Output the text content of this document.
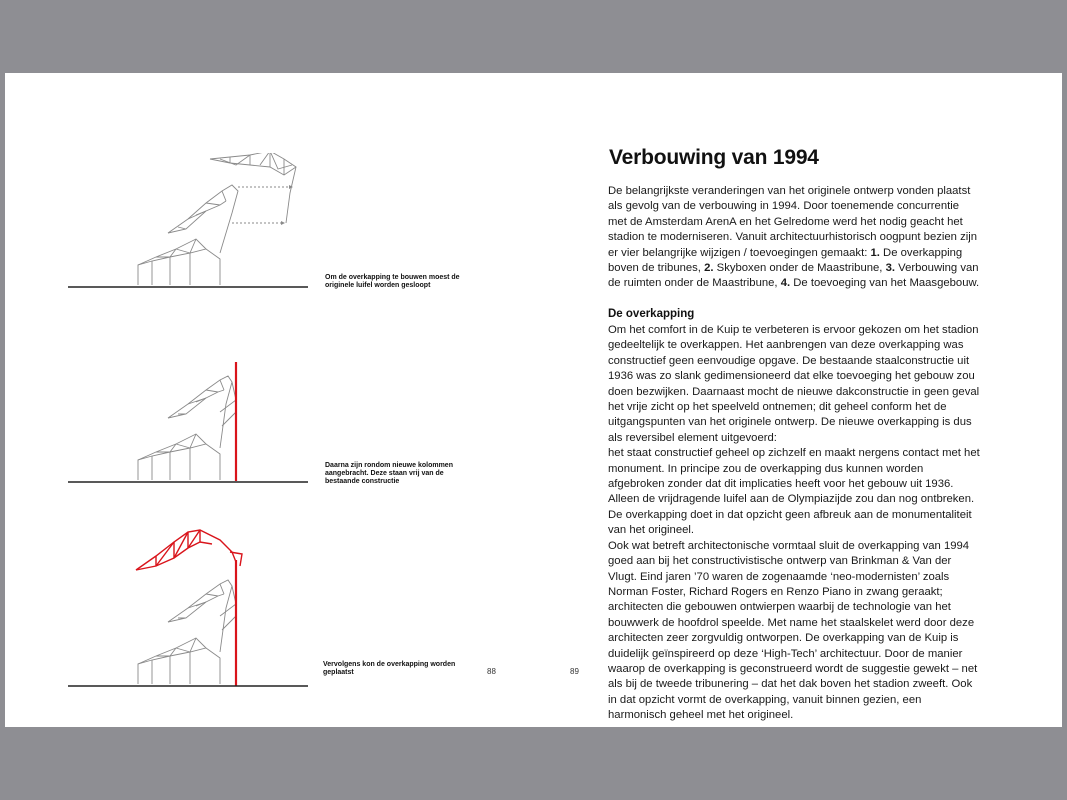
Om de overkapping te bouwen moest de originele luifel worden gesloopt
Daarna zijn rondom nieuwe kolommen aangebracht. Deze staan vrij van de bestaande constructie
Vervolgens kon de overkapping worden geplaatst	88	89
Verbouwing van 1994

De belangrijkste veranderingen van het originele ontwerp vonden plaatst als gevolg van de verbouwing in 1994. Door toenemende concurrentie met de Amsterdam ArenA en het Gelredome werd het nodig geacht het stadion te moderniseren. Vanuit architectuurhistorisch oogpunt bezien zijn er vier belangrijke wijzigen / toevoegingen gemaakt: 1. De overkapping boven de tribunes, 2. Skyboxen onder de Maastribune, 3. Verbouwing van de ruimten onder de Maastribune, 4. De toevoeging van het Maasgebouw.

De overkapping

Om het comfort in de Kuip te verbeteren is ervoor gekozen om het stadion gedeeltelijk te overkappen. Het aanbrengen van deze overkapping was constructief geen eenvoudige opgave. De bestaande staalconstructie uit 1936 was zo slank gedimensioneerd dat elke toevoeging het gebouw zou doen bezwijken. Daarnaast mocht de nieuwe dakconstructie in geen geval het vrije zicht op het speelveld ontnemen; dit geheel conform het de uitgangspunten van het originele ontwerp. De nieuwe overkapping is dus als reversibel element uitgevoerd:

het staat constructief geheel op zichzelf en maakt nergens contact met het monument. In principe zou de overkapping dus kunnen worden afgebroken zonder dat dit implicaties heeft voor het gebouw uit 1936. Alleen de vrijdragende luifel aan de Olympiazijde zou dan nog ontbreken. De overkapping doet in dat opzicht geen afbreuk aan de monumentaliteit van het origineel.

Ook wat betreft architectonische vormtaal sluit de overkapping van 1994 goed aan bij het constructivistische ontwerp van Brinkman & Van der Vlugt. Eind jaren ’70 waren de zogenaamde ‘neo-modernisten’ zoals Norman Foster, Richard Rogers en Renzo Piano in zwang geraakt; architecten die gebouwen ontwierpen waarbij de technologie van het bouwwerk de hoofdrol speelde. Met name het staalskelet werd door deze architecten zeer zorgvuldig ontworpen. De overkapping van de Kuip is duidelijk geïnspireerd op deze ‘High-Tech’ architectuur. Door de manier waarop de overkapping is geconstrueerd wordt de suggestie gewekt – net als bij de tweede tribunering – dat het dak boven het stadion zweeft. Ook in dat opzicht vormt de overkapping, vanuit binnen gezien, een harmonisch geheel met het origineel.
